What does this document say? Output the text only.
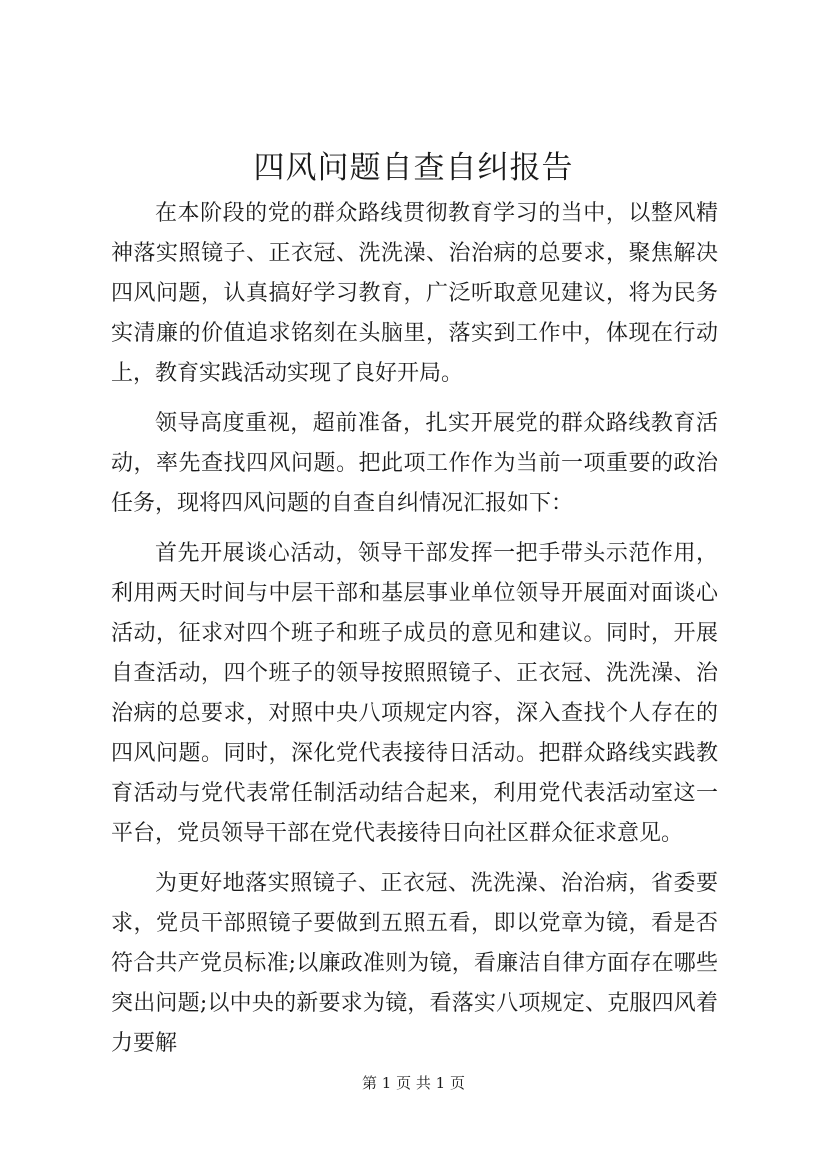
四风问题自查自纠报告

在本阶段的党的群众路线贯彻教育学习的当中，以整风精神落实照镜子、正衣冠、洗洗澡、治治病的总要求，聚焦解决四风问题，认真搞好学习教育，广泛听取意见建议，将为民务实清廉的价值追求铭刻在头脑里，落实到工作中，体现在行动上，教育实践活动实现了良好开局。

领导高度重视，超前准备，扎实开展党的群众路线教育活动，率先查找四风问题。把此项工作作为当前一项重要的政治任务，现将四风问题的自查自纠情况汇报如下：

首先开展谈心活动，领导干部发挥一把手带头示范作用，利用两天时间与中层干部和基层事业单位领导开展面对面谈心活动，征求对四个班子和班子成员的意见和建议。同时，开展自查活动，四个班子的领导按照照镜子、正衣冠、洗洗澡、治治病的总要求，对照中央八项规定内容，深入查找个人存在的四风问题。同时，深化党代表接待日活动。把群众路线实践教育活动与党代表常任制活动结合起来，利用党代表活动室这一平台，党员领导干部在党代表接待日向社区群众征求意见。

为更好地落实照镜子、正衣冠、洗洗澡、治治病，省委要求，党员干部照镜子要做到五照五看，即以党章为镜，看是否符合共产党员标准;以廉政准则为镜，看廉洁自律方面存在哪些突出问题;以中央的新要求为镜，看落实八项规定、克服四风着力要解

第 1 页 共 1 页
